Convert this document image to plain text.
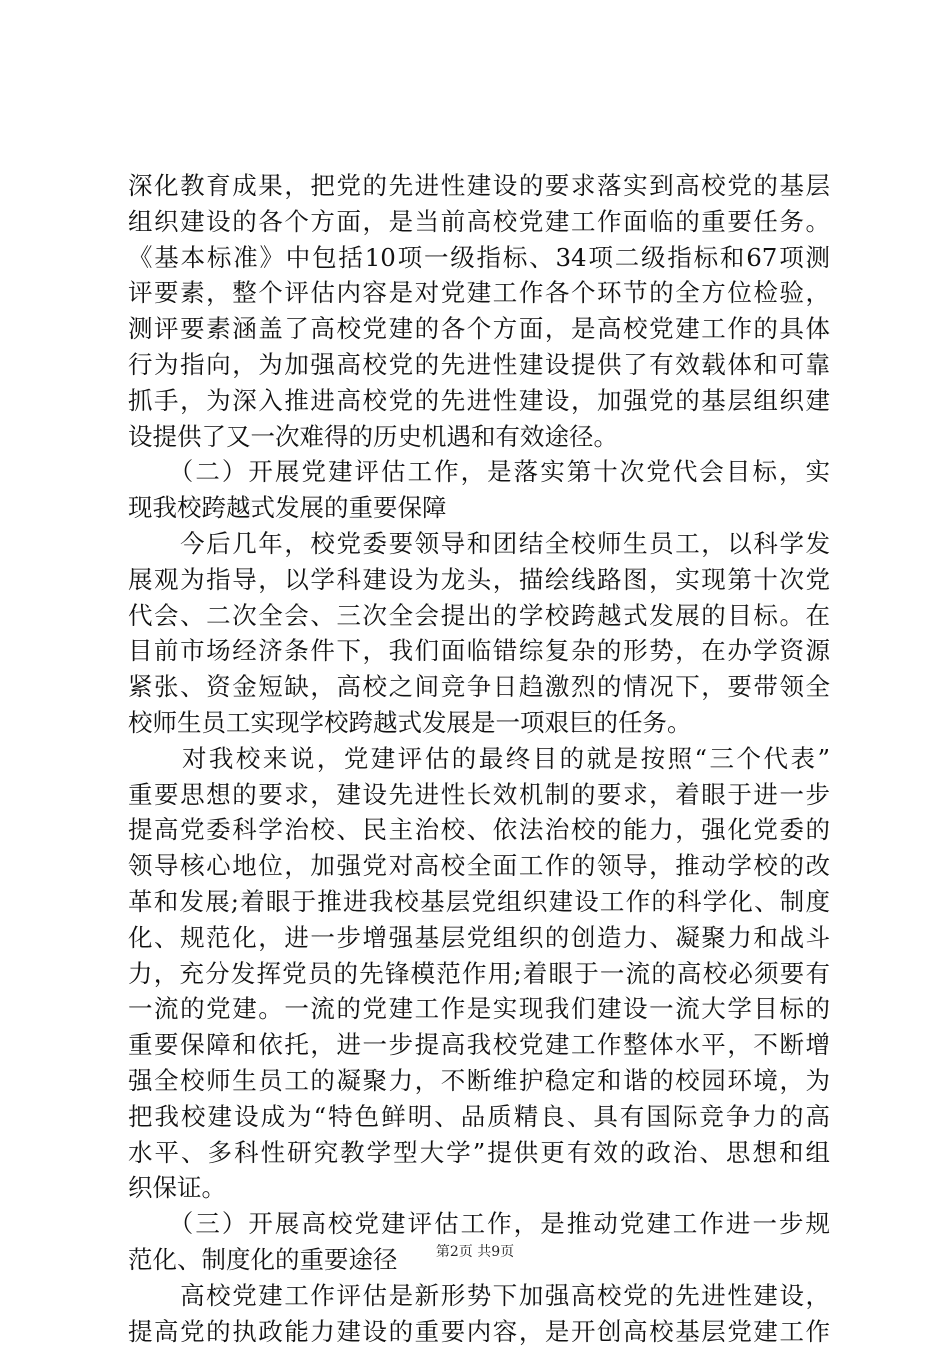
深化教育成果，把党的先进性建设的要求落实到高校党的基层
组织建设的各个方面，是当前高校党建工作面临的重要任务。
《基本标准》中包括10项一级指标、34项二级指标和67项测
评要素，整个评估内容是对党建工作各个环节的全方位检验，
测评要素涵盖了高校党建的各个方面，是高校党建工作的具体
行为指向，为加强高校党的先进性建设提供了有效载体和可靠
抓手，为深入推进高校党的先进性建设，加强党的基层组织建
设提供了又一次难得的历史机遇和有效途径。
　　（二）开展党建评估工作，是落实第十次党代会目标，实
现我校跨越式发展的重要保障
　　今后几年，校党委要领导和团结全校师生员工，以科学发
展观为指导，以学科建设为龙头，描绘线路图，实现第十次党
代会、二次全会、三次全会提出的学校跨越式发展的目标。在
目前市场经济条件下，我们面临错综复杂的形势，在办学资源
紧张、资金短缺，高校之间竞争日趋激烈的情况下，要带领全
校师生员工实现学校跨越式发展是一项艰巨的任务。
　　对我校来说，党建评估的最终目的就是按照“三个代表”
重要思想的要求，建设先进性长效机制的要求，着眼于进一步
提高党委科学治校、民主治校、依法治校的能力，强化党委的
领导核心地位，加强党对高校全面工作的领导，推动学校的改
革和发展;着眼于推进我校基层党组织建设工作的科学化、制度
化、规范化，进一步增强基层党组织的创造力、凝聚力和战斗
力，充分发挥党员的先锋模范作用;着眼于一流的高校必须要有
一流的党建。一流的党建工作是实现我们建设一流大学目标的
重要保障和依托，进一步提高我校党建工作整体水平，不断增
强全校师生员工的凝聚力，不断维护稳定和谐的校园环境，为
把我校建设成为“特色鲜明、品质精良、具有国际竞争力的高
水平、多科性研究教学型大学”提供更有效的政治、思想和组
织保证。
　　（三）开展高校党建评估工作，是推动党建工作进一步规
范化、制度化的重要途径
　　高校党建工作评估是新形势下加强高校党的先进性建设，
提高党的执政能力建设的重要内容，是开创高校基层党建工作
第2页 共9页
